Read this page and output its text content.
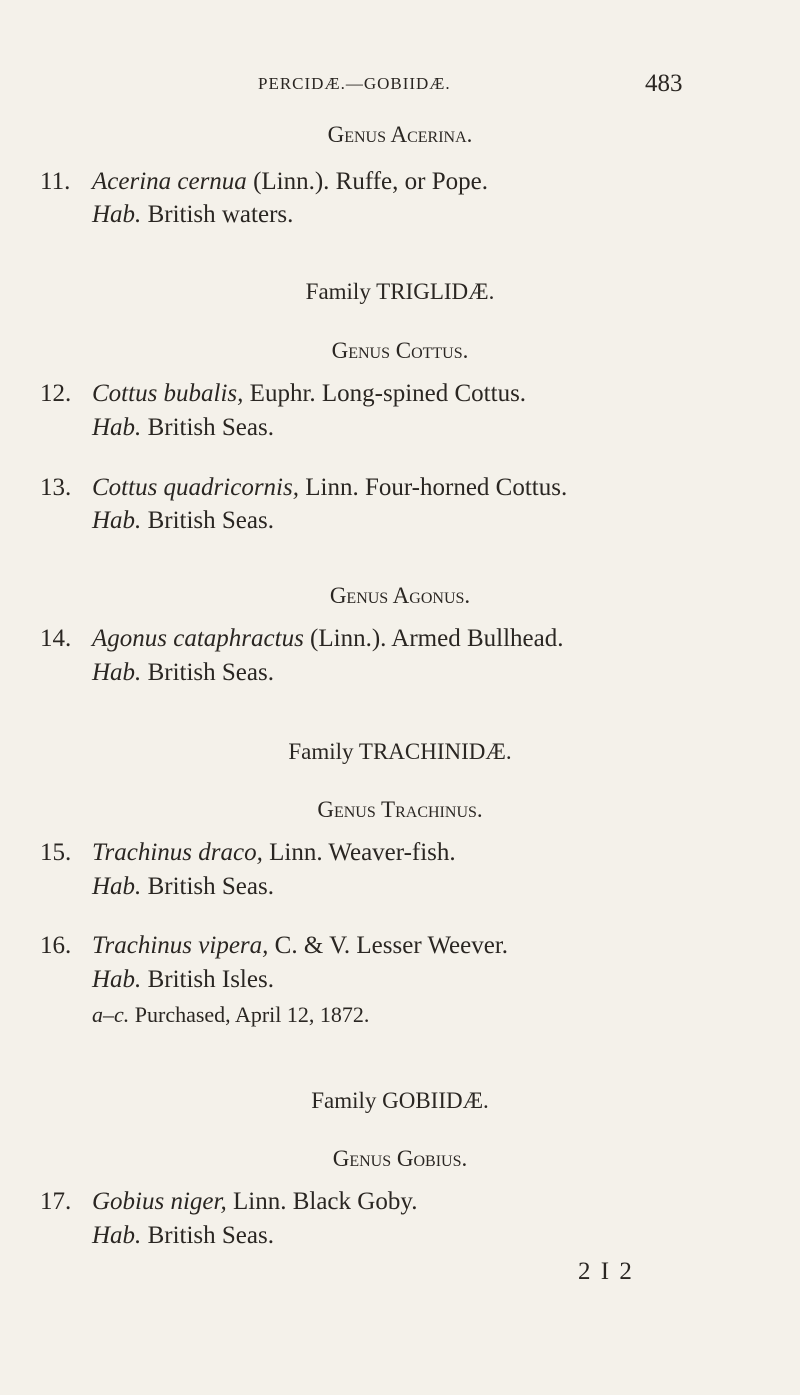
PERCIDÆ.—GOBIIDÆ.	483
Genus Acerina.
11. Acerina cernua (Linn.). Ruffe, or Pope.
Hab. British waters.
Family TRIGLIDÆ.
Genus Cottus.
12. Cottus bubalis, Euphr. Long-spined Cottus.
Hab. British Seas.
13. Cottus quadricornis, Linn. Four-horned Cottus.
Hab. British Seas.
Genus Agonus.
14. Agonus cataphractus (Linn.). Armed Bullhead.
Hab. British Seas.
Family TRACHINIDÆ.
Genus Trachinus.
15. Trachinus draco, Linn. Weaver-fish.
Hab. British Seas.
16. Trachinus vipera, C. & V. Lesser Weever.
Hab. British Isles.
a–c. Purchased, April 12, 1872.
Family GOBIIDÆ.
Genus Gobius.
17. Gobius niger, Linn. Black Goby.
Hab. British Seas.
2 I 2
